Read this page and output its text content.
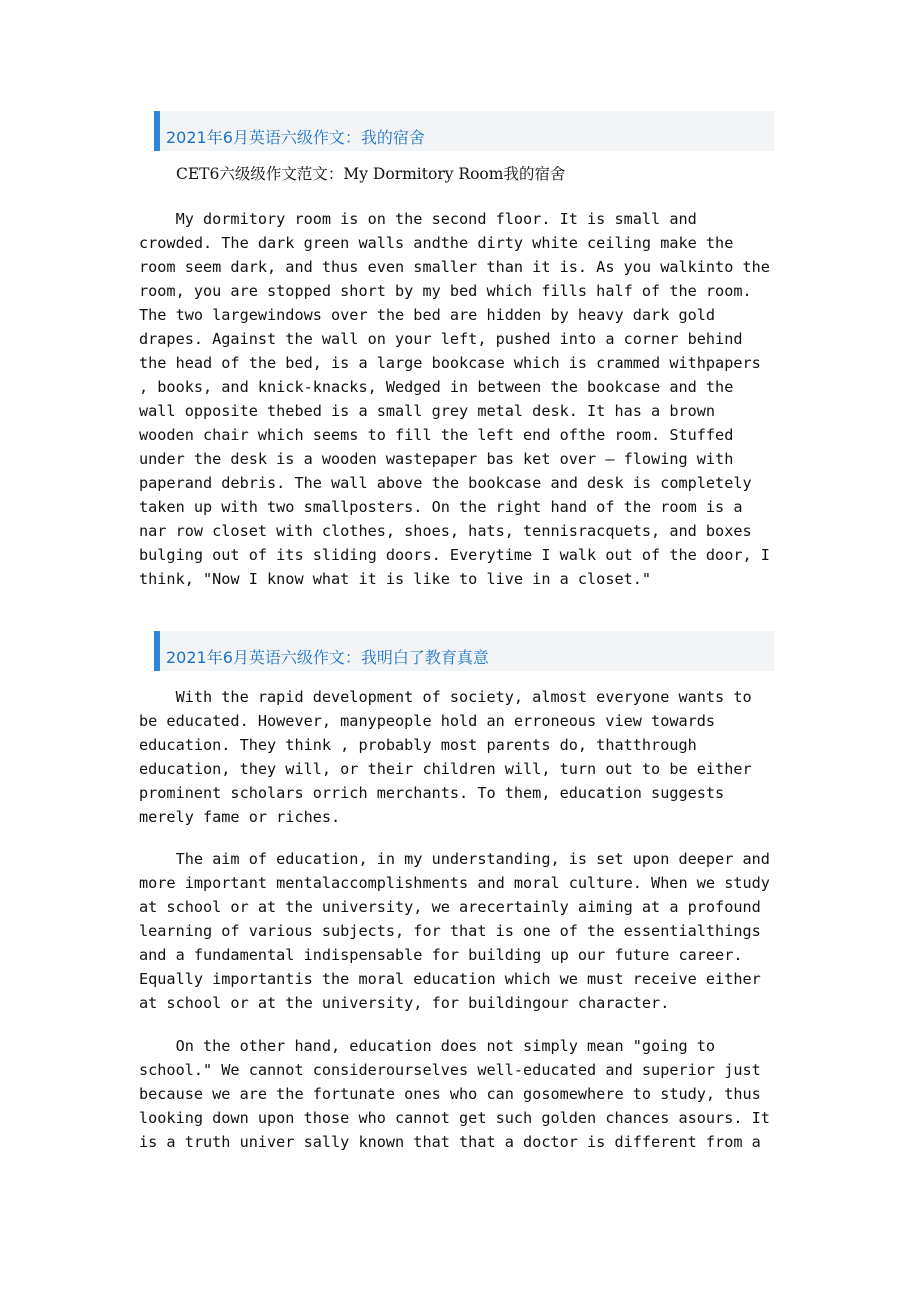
2021年6月英语六级作文：我的宿舍
CET6六级级作文范文：My Dormitory Room我的宿舍
My dormitory room is on the second floor. It is small and
crowded. The dark green walls andthe dirty white ceiling make the
room seem dark, and thus even smaller than it is. As you walkinto the
room, you are stopped short by my bed which fills half of the room.
The two largewindows over the bed are hidden by heavy dark gold
drapes. Against the wall on your left, pushed into a corner behind
the head of the bed, is a large bookcase which is crammed withpapers
, books, and knick-knacks, Wedged in between the bookcase and the
wall opposite thebed is a small grey metal desk. It has a brown
wooden chair which seems to fill the left end ofthe room. Stuffed
under the desk is a wooden wastepaper bas ket over — flowing with
paperand debris. The wall above the bookcase and desk is completely
taken up with two smallposters. On the right hand of the room is a
nar row closet with clothes, shoes, hats, tennisracquets, and boxes
bulging out of its sliding doors. Everytime I walk out of the door, I
think, "Now I know what it is like to live in a closet."
2021年6月英语六级作文：我明白了教育真意
With the rapid development of society, almost everyone wants to
be educated. However, manypeople hold an erroneous view towards
education. They think , probably most parents do, thatthrough
education, they will, or their children will, turn out to be either
prominent scholars orrich merchants. To them, education suggests
merely fame or riches.
The aim of education, in my understanding, is set upon deeper and
more important mentalaccomplishments and moral culture. When we study
at school or at the university, we arecertainly aiming at a profound
learning of various subjects, for that is one of the essentialthings
and a fundamental indispensable for building up our future career.
Equally importantis the moral education which we must receive either
at school or at the university, for buildingour character.
On the other hand, education does not simply mean "going to
school." We cannot considerourselves well-educated and superior just
because we are the fortunate ones who can gosomewhere to study, thus
looking down upon those who cannot get such golden chances asours. It
is a truth univer sally known that that a doctor is different from a
